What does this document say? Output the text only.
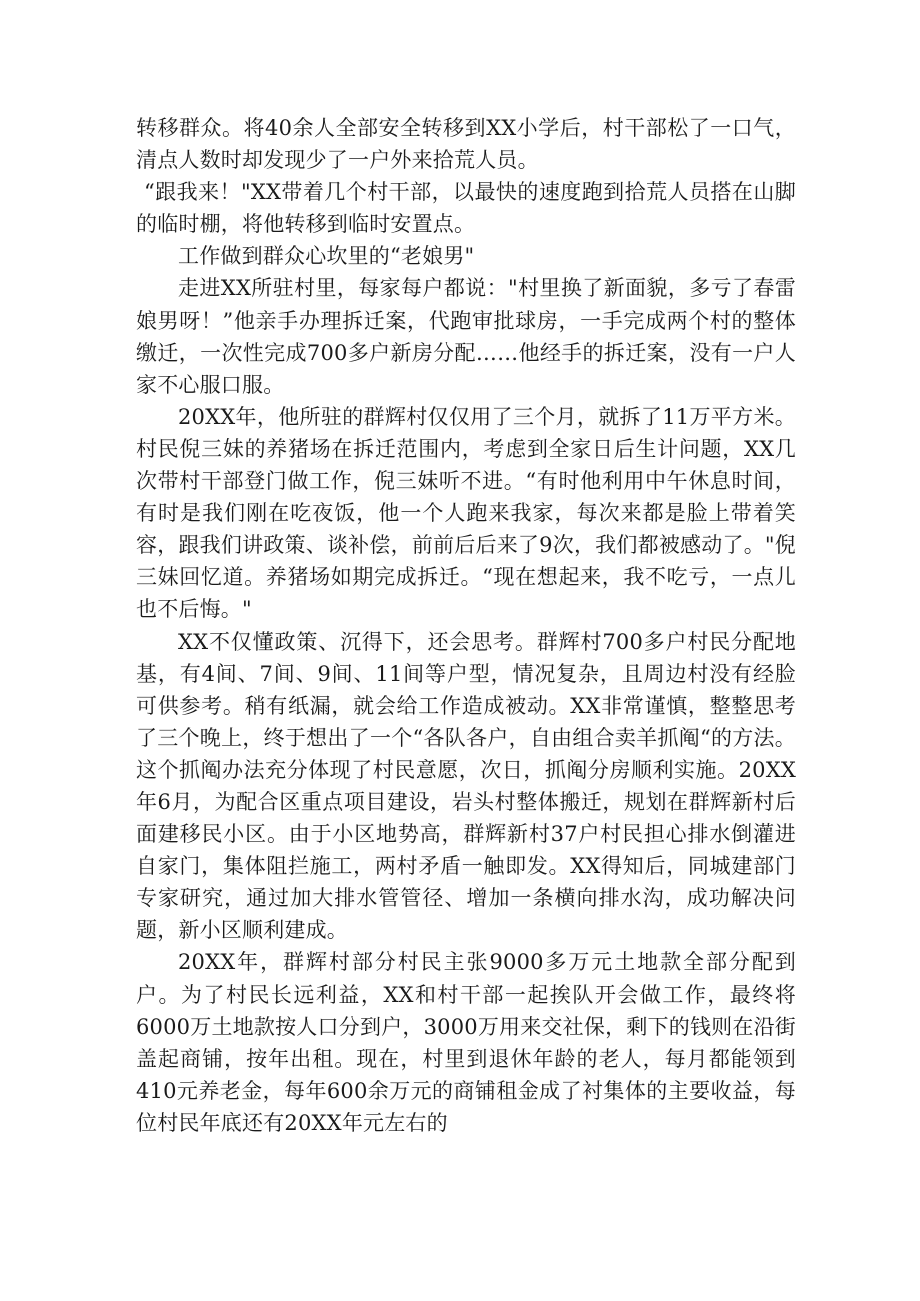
转移群众。将40余人全部安全转移到XX小学后，村干部松了一口气，清点人数时却发现少了一户外来拾荒人员。

“跟我来！"XX带着几个村干部，以最快的速度跑到拾荒人员搭在山脚的临时棚，将他转移到临时安置点。

工作做到群众心坎里的“老娘男"

走进XX所驻村里，每家每户都说："村里换了新面貌，多亏了春雷娘男呀！”他亲手办理拆迁案，代跑审批球房，一手完成两个村的整体缴迁，一次性完成700多户新房分配……他经手的拆迁案，没有一户人家不心服口服。

20XX年，他所驻的群辉村仅仅用了三个月，就拆了11万平方米。村民倪三妹的养猪场在拆迁范围内，考虑到全家日后生计问题，XX几次带村干部登门做工作，倪三妹听不进。“有时他利用中午休息时间，有时是我们刚在吃夜饭，他一个人跑来我家，每次来都是脸上带着笑容，跟我们讲政策、谈补偿，前前后后来了9次，我们都被感动了。"倪三妹回忆道。养猪场如期完成拆迁。“现在想起来，我不吃亏，一点儿也不后悔。"

XX不仅懂政策、沉得下，还会思考。群辉村700多户村民分配地基，有4间、7间、9间、11间等户型，情况复杂，且周边村没有经脸可供参考。稍有纸漏，就会给工作造成被动。XX非常谨慎，整整思考了三个晚上，终于想出了一个“各队各户，自由组合卖羊抓阄“的方法。这个抓阄办法充分体现了村民意愿，次日，抓阄分房顺利实施。20XX年6月，为配合区重点项目建设，岩头村整体搬迁，规划在群辉新村后面建移民小区。由于小区地势高，群辉新村37户村民担心排水倒灌进自家门，集体阻拦施工，两村矛盾一触即发。XX得知后，同城建部门专家研究，通过加大排水管管径、增加一条横向排水沟，成功解决问题，新小区顺利建成。

20XX年，群辉村部分村民主张9000多万元土地款全部分配到户。为了村民长远利益，XX和村干部一起挨队开会做工作，最终将6000万土地款按人口分到户，3000万用来交社保，剩下的钱则在沿街盖起商铺，按年出租。现在，村里到退休年龄的老人，每月都能领到410元养老金，每年600余万元的商铺租金成了衬集体的主要收益，每位村民年底还有20XX年元左右的
